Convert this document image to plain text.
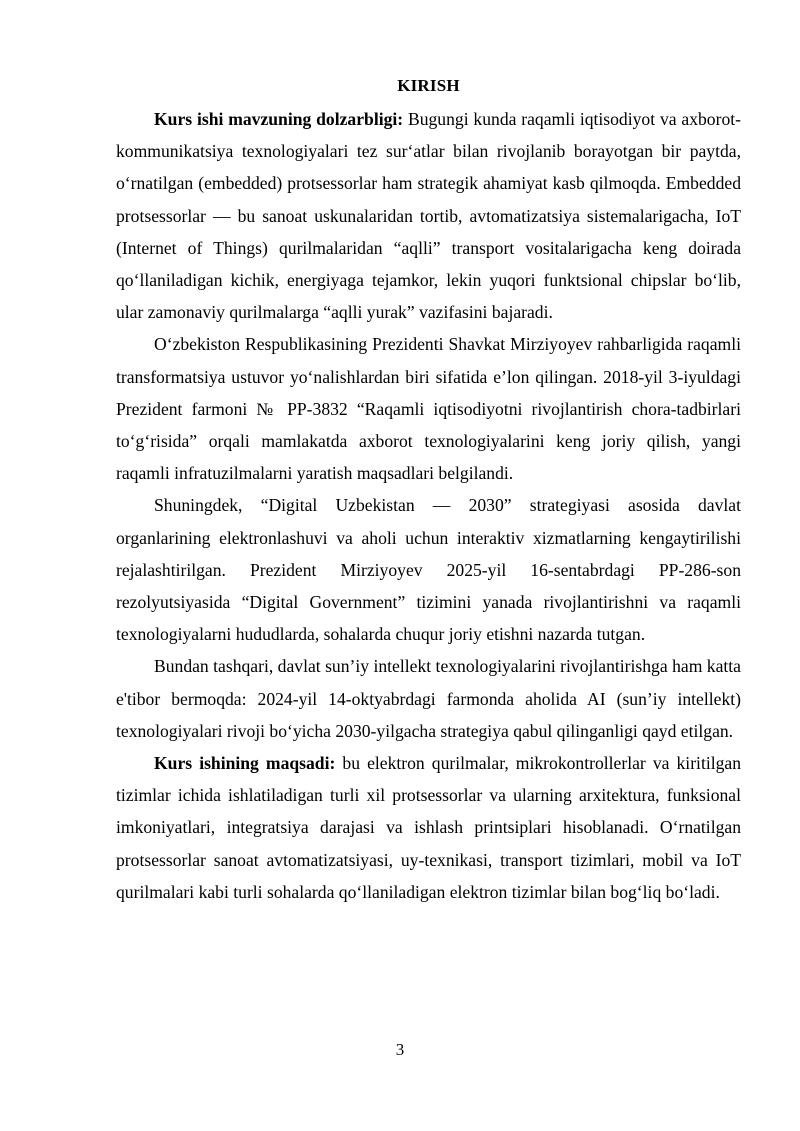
KIRISH

Kurs ishi mavzuning dolzarbligi: Bugungi kunda raqamli iqtisodiyot va axborot-kommunikatsiya texnologiyalari tez sur‘atlar bilan rivojlanib borayotgan bir paytda, o‘rnatilgan (embedded) protsessorlar ham strategik ahamiyat kasb qilmoqda. Embedded protsessorlar — bu sanoat uskunalaridan tortib, avtomatizatsiya sistemalarigacha, IoT (Internet of Things) qurilmalaridan “aqlli” transport vositalarigacha keng doirada qo‘llaniladigan kichik, energiyaga tejamkor, lekin yuqori funktsional chipslar bo‘lib, ular zamonaviy qurilmalarga “aqlli yurak” vazifasini bajaradi.

O‘zbekiston Respublikasining Prezidenti Shavkat Mirziyoyev rahbarligida raqamli transformatsiya ustuvor yo‘nalishlardan biri sifatida e’lon qilingan. 2018-yil 3-iyuldagi Prezident farmoni № PP-3832 “Raqamli iqtisodiyotni rivojlantirish chora-tadbirlari to‘g‘risida” orqali mamlakatda axborot texnologiyalarini keng joriy qilish, yangi raqamli infratuzilmalarni yaratish maqsadlari belgilandi.

Shuningdek, “Digital Uzbekistan — 2030” strategiyasi asosida davlat organlarining elektronlashuvi va aholi uchun interaktiv xizmatlarning kengaytirilishi rejalashtirilgan. Prezident Mirziyoyev 2025-yil 16-sentabrdagi PP-286-son rezolyutsiyasida “Digital Government” tizimini yanada rivojlantirishni va raqamli texnologiyalarni hududlarda, sohalarda chuqur joriy etishni nazarda tutgan.

Bundan tashqari, davlat sun’iy intellekt texnologiyalarini rivojlantirishga ham katta e'tibor bermoqda: 2024-yil 14-oktyabrdagi farmonda aholida AI (sun’iy intellekt) texnologiyalari rivoji bo‘yicha 2030-yilgacha strategiya qabul qilinganligi qayd etilgan.

Kurs ishining maqsadi: bu elektron qurilmalar, mikrokontrollerlar va kiritilgan tizimlar ichida ishlatiladigan turli xil protsessorlar va ularning arxitektura, funksional imkoniyatlari, integratsiya darajasi va ishlash printsiplari hisoblanadi. O‘rnatilgan protsessorlar sanoat avtomatizatsiyasi, uy-texnikasi, transport tizimlari, mobil va IoT qurilmalari kabi turli sohalarda qo‘llaniladigan elektron tizimlar bilan bog‘liq bo‘ladi.

3
